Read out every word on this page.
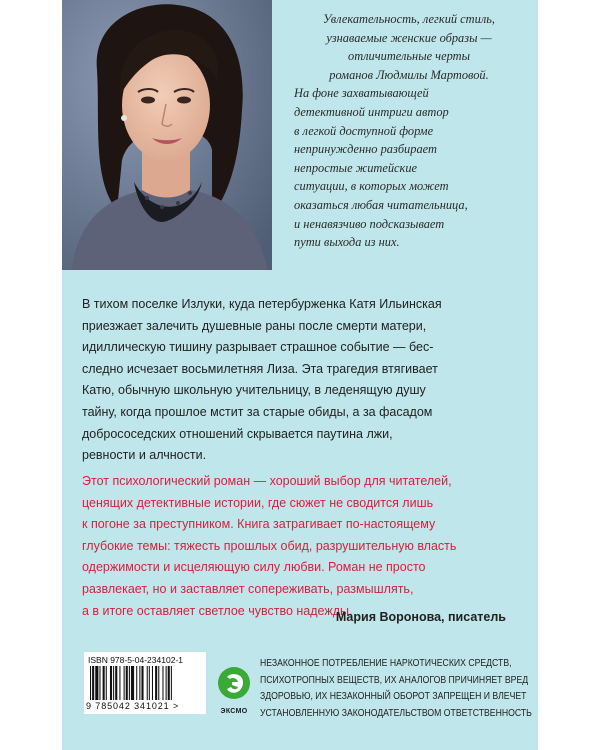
Увлекательность, легкий стиль,
узнаваемые женские образы —
отличительные черты
романов Людмилы Мартовой.
На фоне захватывающей
детективной интриги автор
в легкой доступной форме
непринужденно разбирает
непростые житейские
ситуации, в которых может
оказаться любая читательница,
и ненавязчиво подсказывает
пути выхода из них.
В тихом поселке Излуки, куда петербурженка Катя Ильинская
приезжает залечить душевные раны после смерти матери,
идиллическую тишину разрывает страшное событие — бес-
следно исчезает восьмилетняя Лиза. Эта трагедия втягивает
Катю, обычную школьную учительницу, в леденящую душу
тайну, когда прошлое мстит за старые обиды, а за фасадом
добрососедских отношений скрывается паутина лжи,
ревности и алчности.
Этот психологический роман — хороший выбор для читателей,
ценящих детективные истории, где сюжет не сводится лишь
к погоне за преступником. Книга затрагивает по-настоящему
глубокие темы: тяжесть прошлых обид, разрушительную власть
одержимости и исцеляющую силу любви. Роман не просто
развлекает, но и заставляет сопереживать, размышлять,
а в итоге оставляет светлое чувство надежды.
Мария Воронова, писатель
ISBN 978-5-04-234102-1
9 785042 341021 >
ЭКСМО
НЕЗАКОННОЕ ПОТРЕБЛЕНИЕ НАРКОТИЧЕСКИХ СРЕДСТВ,
ПСИХОТРОПНЫХ ВЕЩЕСТВ, ИХ АНАЛОГОВ ПРИЧИНЯЕТ ВРЕД
ЗДОРОВЬЮ, ИХ НЕЗАКОННЫЙ ОБОРОТ ЗАПРЕЩЕН И ВЛЕЧЕТ
УСТАНОВЛЕННУЮ ЗАКОНОДАТЕЛЬСТВОМ ОТВЕТСТВЕННОСТЬ
